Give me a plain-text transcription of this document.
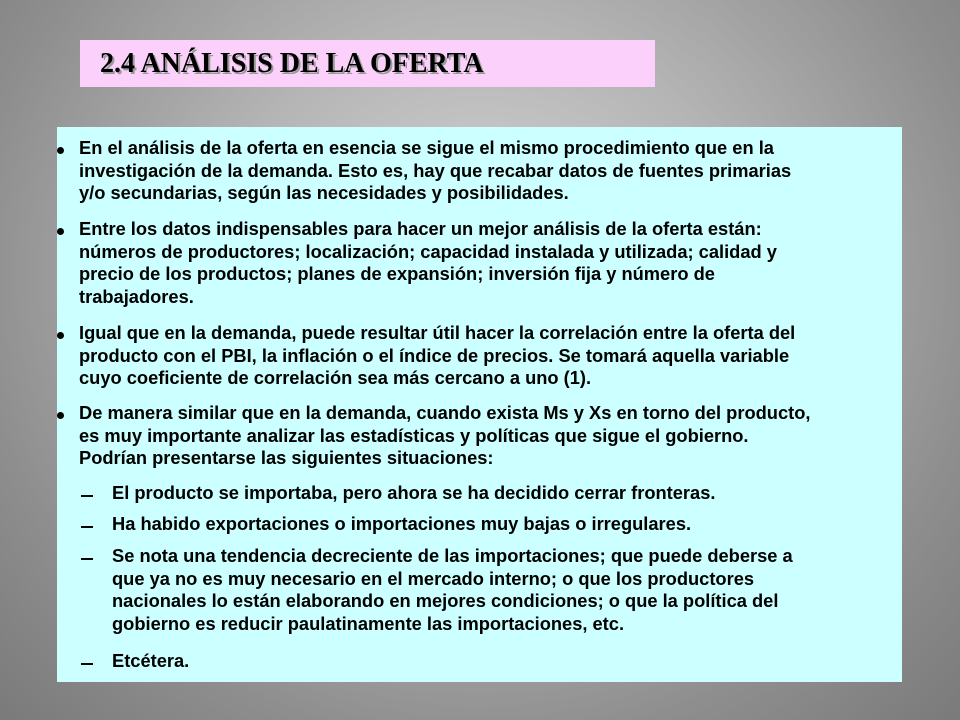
2.4 ANÁLISIS DE LA OFERTA
En el análisis de la oferta en esencia se sigue el mismo procedimiento que en la
investigación de la demanda. Esto es, hay que recabar datos de fuentes primarias
y/o secundarias, según las necesidades y posibilidades.
Entre los datos indispensables para hacer un mejor análisis de la oferta están:
números de productores; localización; capacidad instalada y utilizada; calidad y
precio de los productos; planes de expansión; inversión fija y número de
trabajadores.
Igual que en la demanda, puede resultar útil hacer la correlación entre la oferta del
producto con el PBI, la inflación o el índice de precios. Se tomará aquella variable
cuyo coeficiente de correlación sea más cercano a uno (1).
De manera similar que en la demanda, cuando exista Ms y Xs en torno del producto,
es muy importante analizar las estadísticas y políticas que sigue el gobierno.
Podrían presentarse las siguientes situaciones:
El producto se importaba, pero ahora se ha decidido cerrar fronteras.
Ha habido exportaciones o importaciones muy bajas o irregulares.
Se nota una tendencia decreciente de las importaciones; que puede deberse a
que ya no es muy necesario en el mercado interno; o que los productores
nacionales lo están elaborando en mejores condiciones; o que la política del
gobierno es reducir paulatinamente las importaciones, etc.
Etcétera.
